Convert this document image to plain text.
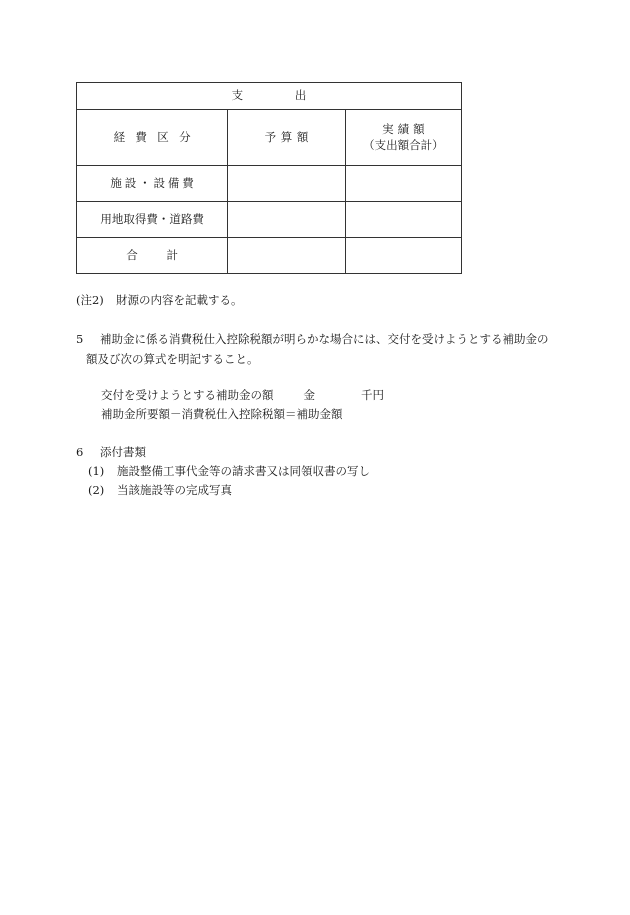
支出		
経費区分	予算額	実績額
（支出額合計）

施設・設備費		
用地取得費・道路費		
合計		
(注2) 財源の内容を記載する。
5 補助金に係る消費税仕入控除税額が明らかな場合には、交付を受けようとする補助金の
額及び次の算式を明記すること。
交付を受けようとする補助金の額	金	千円
補助金所要額－消費税仕入控除税額＝補助金額
6 添付書類
(1) 施設整備工事代金等の請求書又は同領収書の写し
(2) 当該施設等の完成写真
